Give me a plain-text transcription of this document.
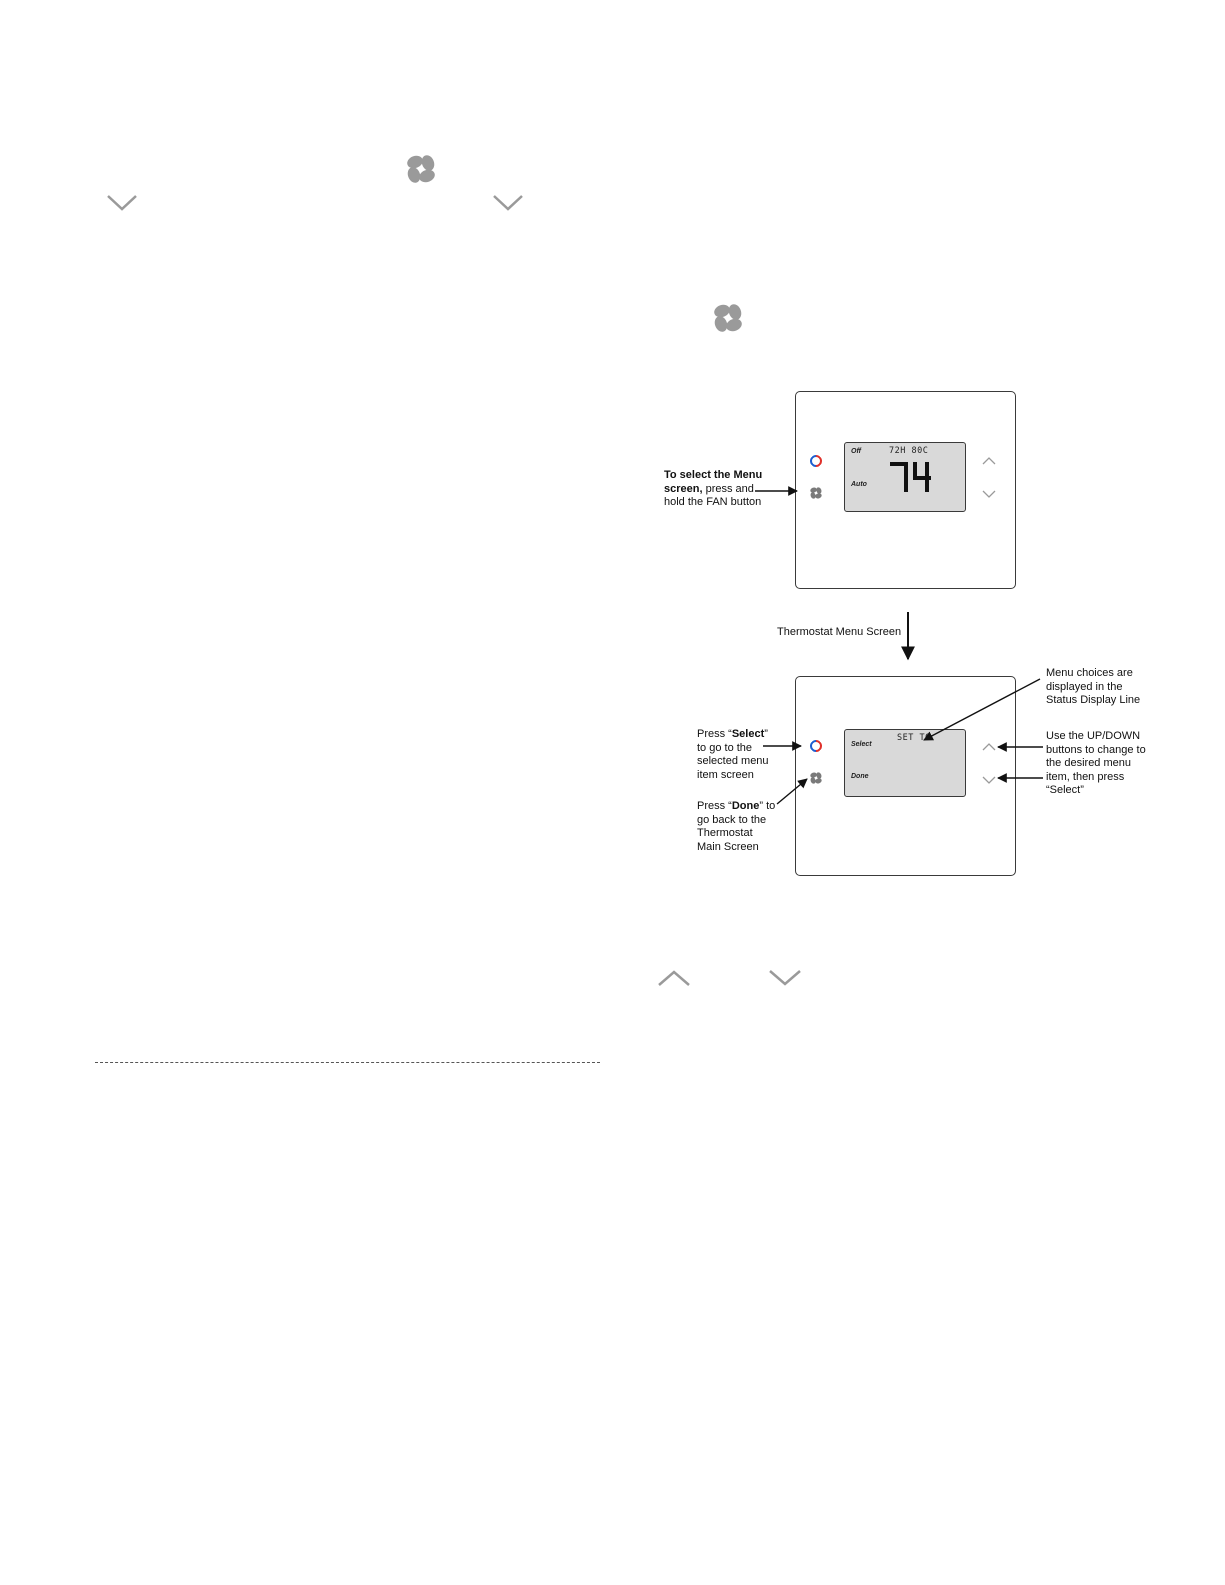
Off	72H 80C
Auto
To select the Menu screen, press and hold the FAN button
Thermostat Menu Screen
SET TO
Select
Done
Press “Select” to go to the selected menu item screen
Press “Done” to go back to the Thermostat Main Screen
Menu choices are displayed in the Status Display Line
Use the UP/DOWN buttons to change to the desired menu item, then press “Select”
